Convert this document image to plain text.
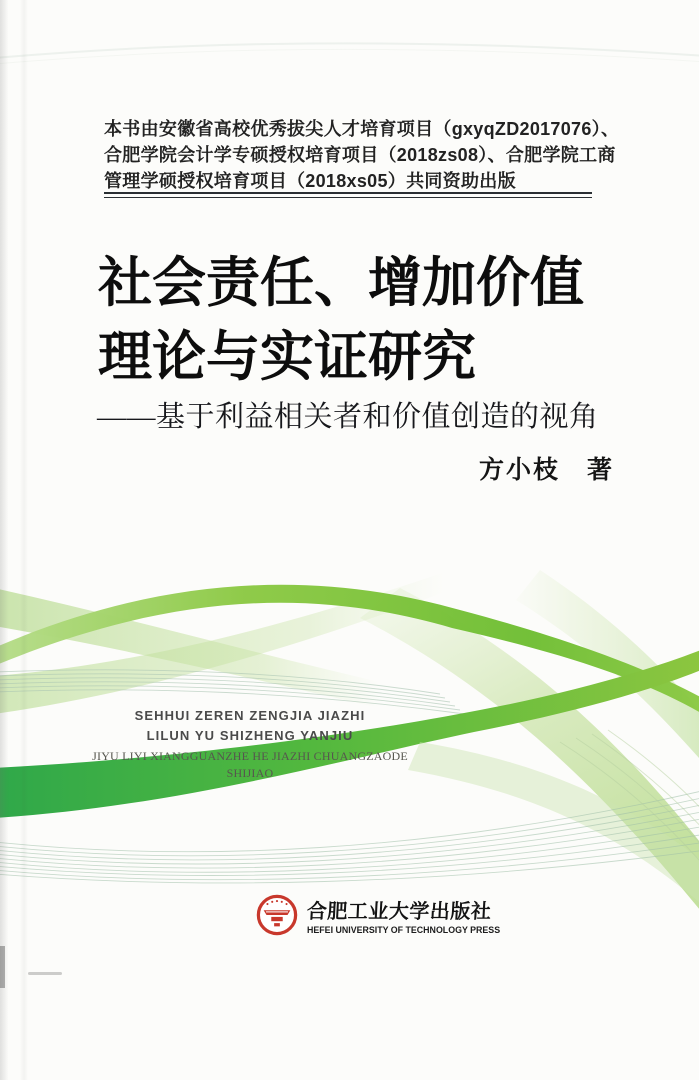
本书由安徽省高校优秀拔尖人才培育项目（gxyqZD2017076）、
合肥学院会计学专硕授权培育项目（2018zs08）、合肥学院工商
管理学硕授权培育项目（2018xs05）共同资助出版
社会责任、增加价值
理论与实证研究
——基于利益相关者和价值创造的视角
方小枝　著
SEHHUI ZEREN ZENGJIA JIAZHI
LILUN YU SHIZHENG YANJIU
JIYU LIYI XIANGGUANZHE HE JIAZHI CHUANGZAODE SHIJIAO
合肥工业大学出版社
HEFEI UNIVERSITY OF TECHNOLOGY PRESS
